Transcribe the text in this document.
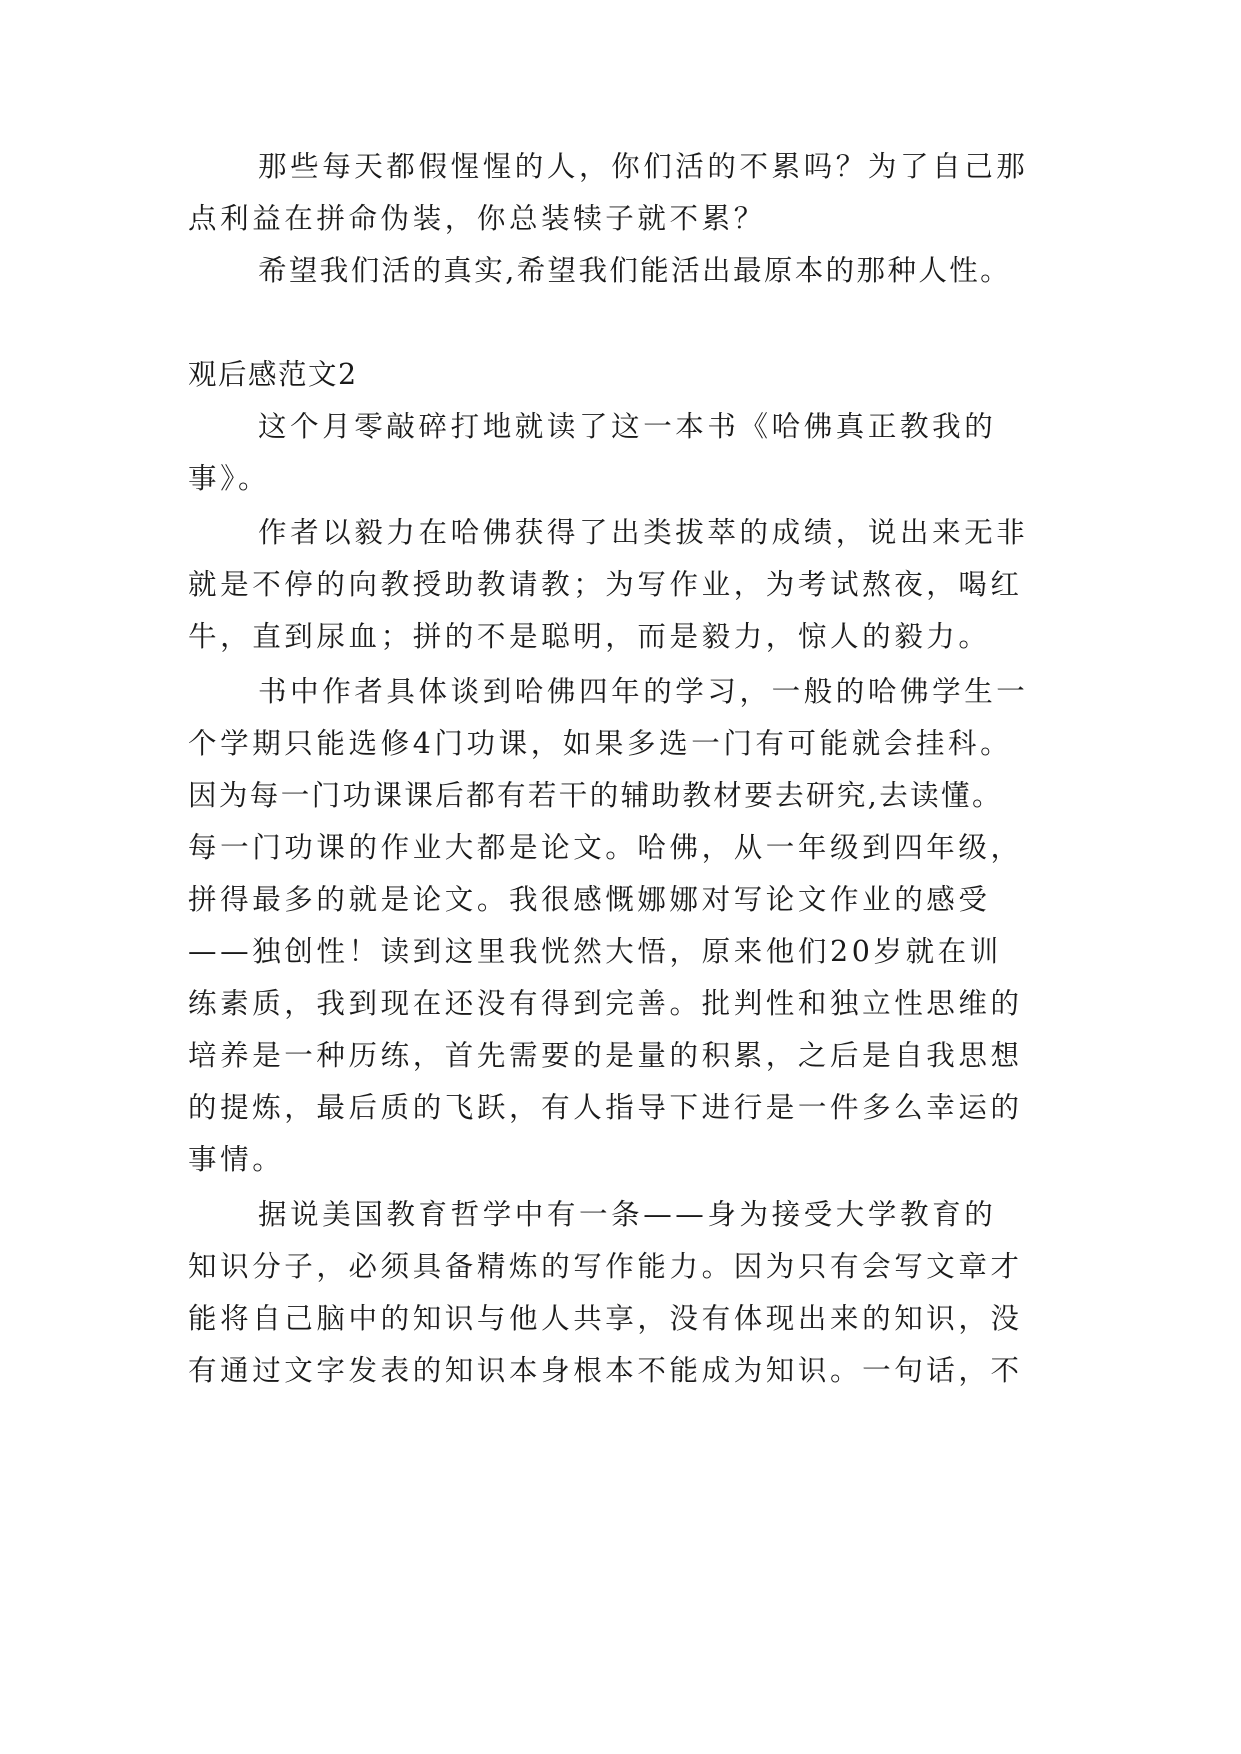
那些每天都假惺惺的人，你们活的不累吗？为了自己那
点利益在拼命伪装，你总装犊子就不累？
希望我们活的真实,希望我们能活出最原本的那种人性。
观后感范文2
这个月零敲碎打地就读了这一本书《哈佛真正教我的
事》。
作者以毅力在哈佛获得了出类拔萃的成绩，说出来无非
就是不停的向教授助教请教；为写作业，为考试熬夜，喝红
牛，直到尿血；拼的不是聪明，而是毅力，惊人的毅力。
书中作者具体谈到哈佛四年的学习，一般的哈佛学生一
个学期只能选修4门功课，如果多选一门有可能就会挂科。
因为每一门功课课后都有若干的辅助教材要去研究,去读懂。
每一门功课的作业大都是论文。哈佛，从一年级到四年级，
拼得最多的就是论文。我很感慨娜娜对写论文作业的感受
——独创性！读到这里我恍然大悟，原来他们20岁就在训
练素质，我到现在还没有得到完善。批判性和独立性思维的
培养是一种历练，首先需要的是量的积累，之后是自我思想
的提炼，最后质的飞跃，有人指导下进行是一件多么幸运的
事情。
据说美国教育哲学中有一条——身为接受大学教育的
知识分子，必须具备精炼的写作能力。因为只有会写文章才
能将自己脑中的知识与他人共享，没有体现出来的知识，没
有通过文字发表的知识本身根本不能成为知识。一句话，不
